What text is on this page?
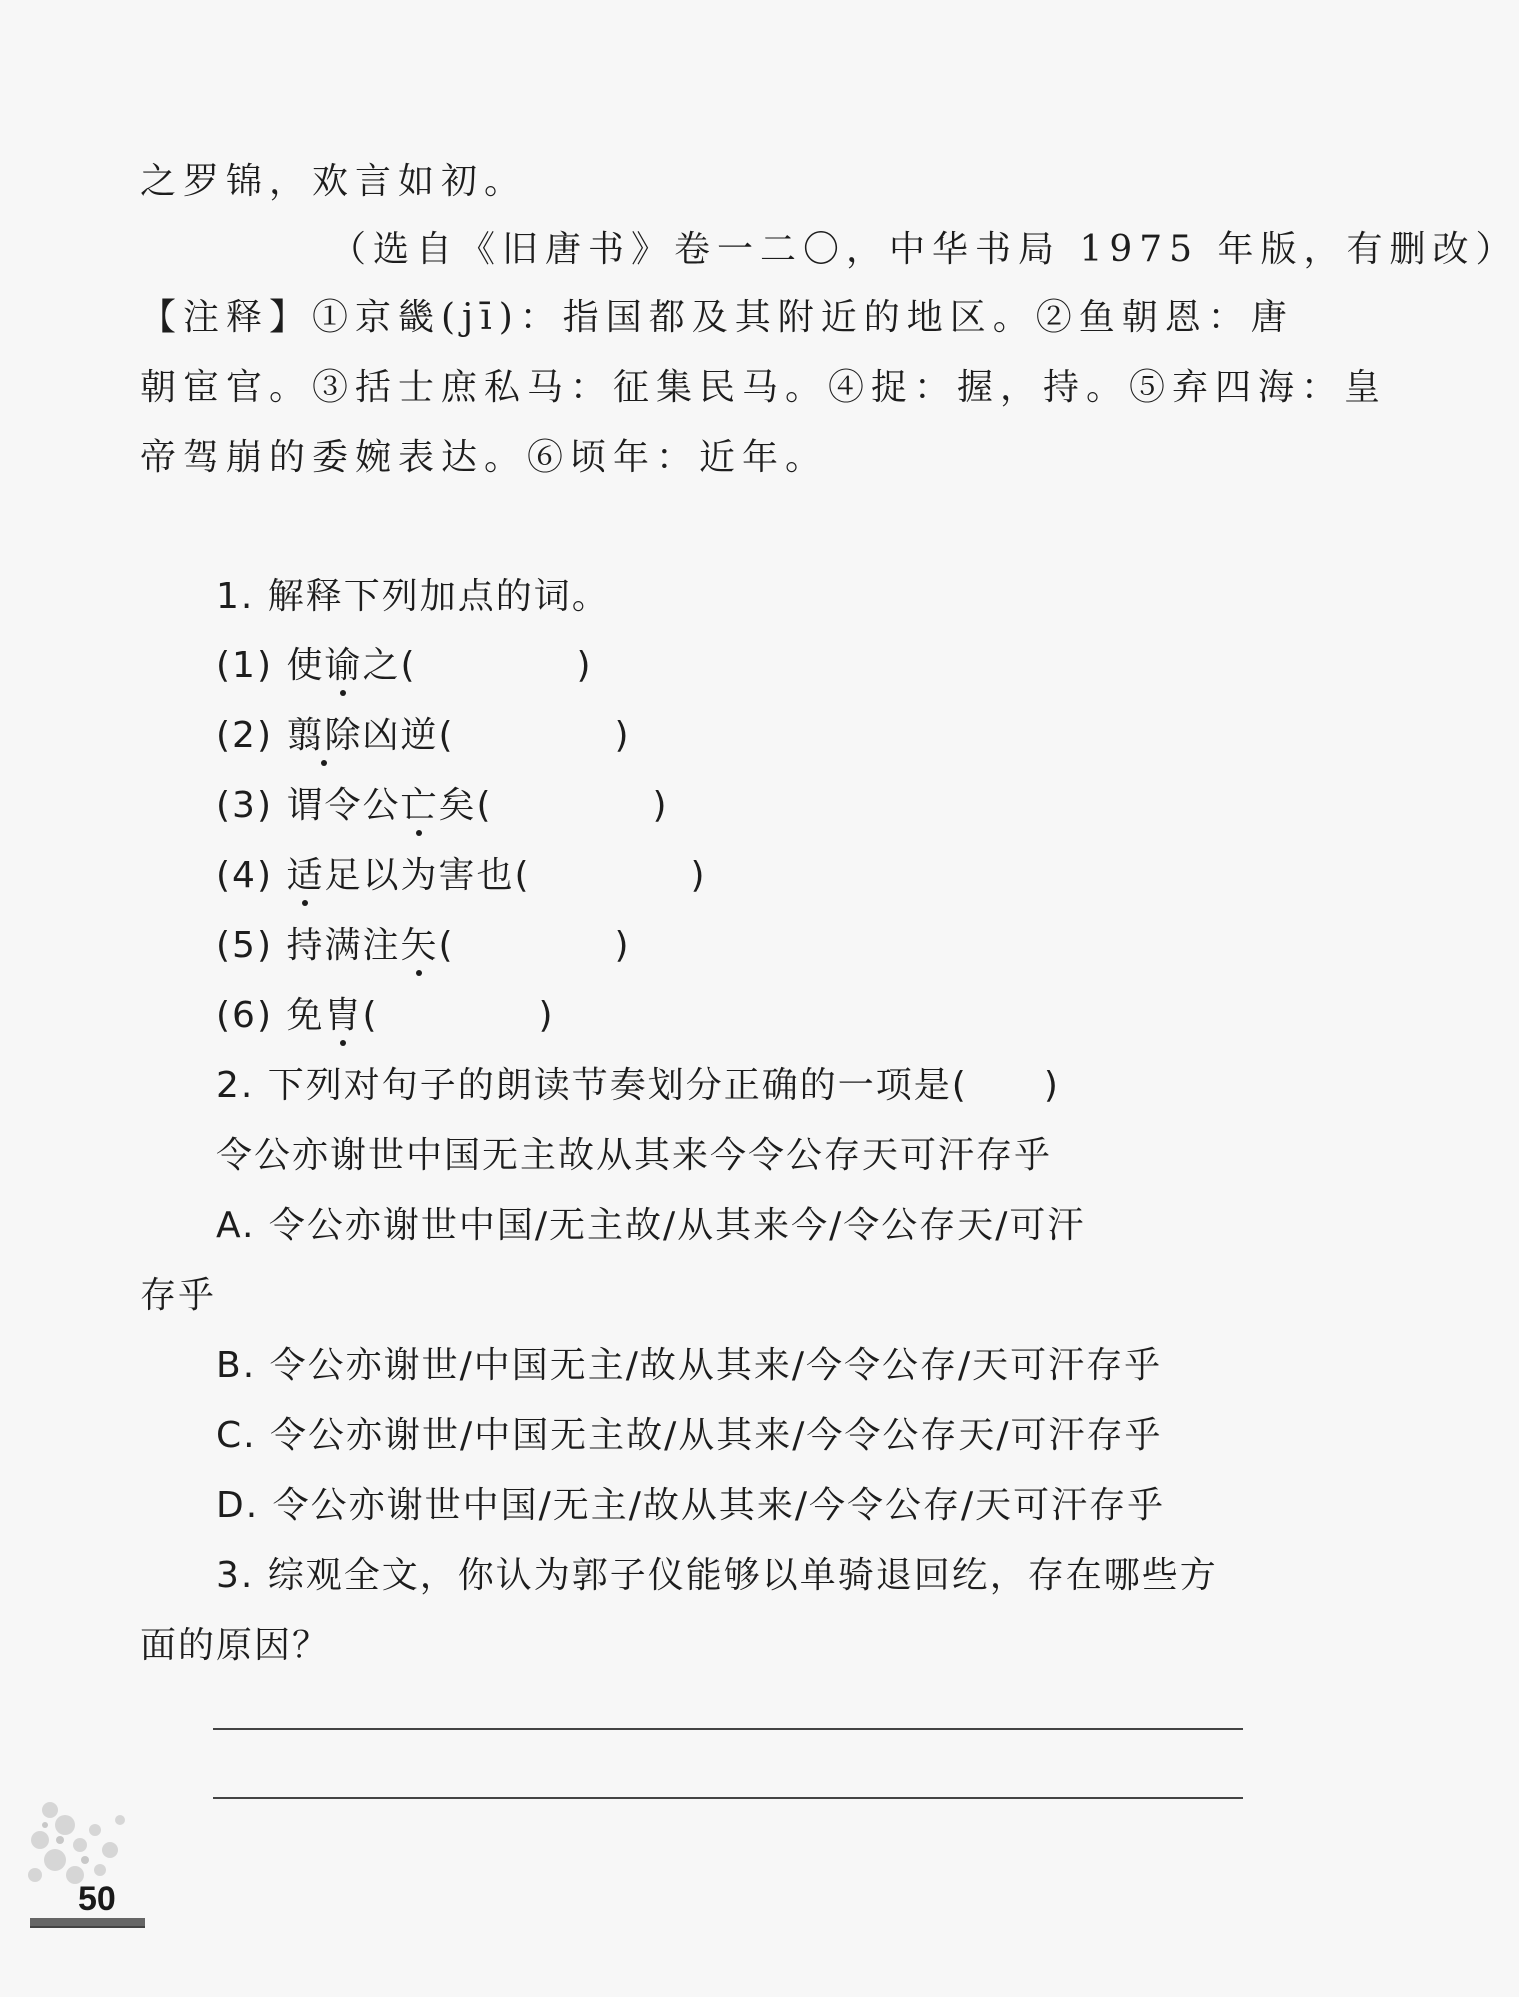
之罗锦，欢言如初。
（选自《旧唐书》卷一二〇，中华书局 1975 年版，有删改）
【注释】①京畿(jī)：指国都及其附近的地区。②鱼朝恩：唐
朝宦官。③括士庶私马：征集民马。④捉：握，持。⑤弃四海：皇
帝驾崩的委婉表达。⑥顷年：近年。
1. 解释下列加点的词。
(1) 使谕之(	)
(2) 翦除凶逆(	)
(3) 谓令公亡矣(	)
(4) 适足以为害也(	)
(5) 持满注矢(	)
(6) 免胄(	)
2. 下列对句子的朗读节奏划分正确的一项是(　　)
令公亦谢世中国无主故从其来今令公存天可汗存乎
A. 令公亦谢世中国/无主故/从其来今/令公存天/可汗
存乎
B. 令公亦谢世/中国无主/故从其来/今令公存/天可汗存乎
C. 令公亦谢世/中国无主故/从其来/今令公存天/可汗存乎
D. 令公亦谢世中国/无主/故从其来/今令公存/天可汗存乎
3. 综观全文，你认为郭子仪能够以单骑退回纥，存在哪些方
面的原因？
50
